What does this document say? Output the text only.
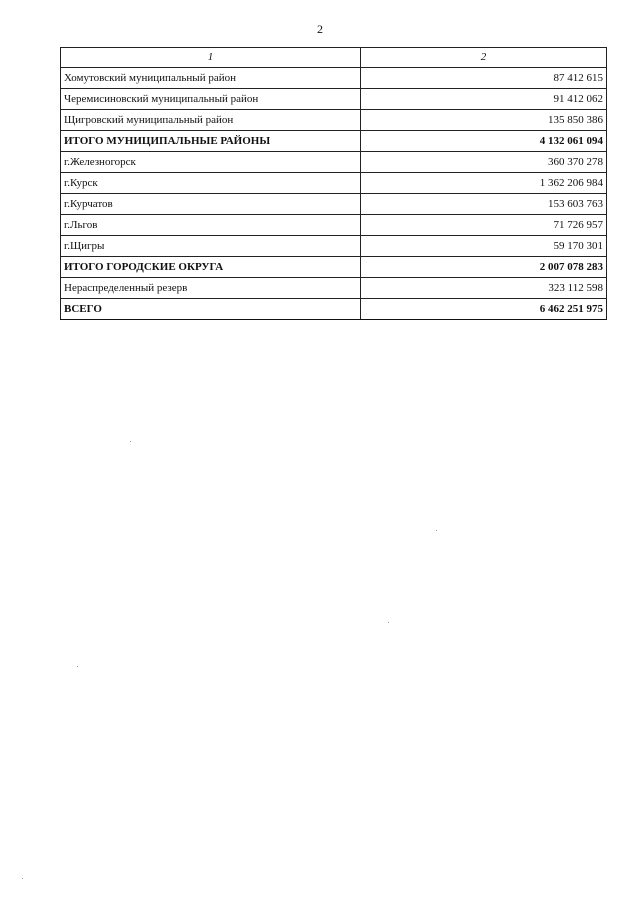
2
1	2
Хомутовский муниципальный район	87 412 615
Черемисиновский муниципальный район	91 412 062
Щигровский муниципальный район	135 850 386
ИТОГО МУНИЦИПАЛЬНЫЕ РАЙОНЫ	4 132 061 094
г.Железногорск	360 370 278
г.Курск	1 362 206 984
г.Курчатов	153 603 763
г.Льгов	71 726 957
г.Щигры	59 170 301
ИТОГО ГОРОДСКИЕ ОКРУГА	2 007 078 283
Нераспределенный резерв	323 112 598
ВСЕГО	6 462 251 975
